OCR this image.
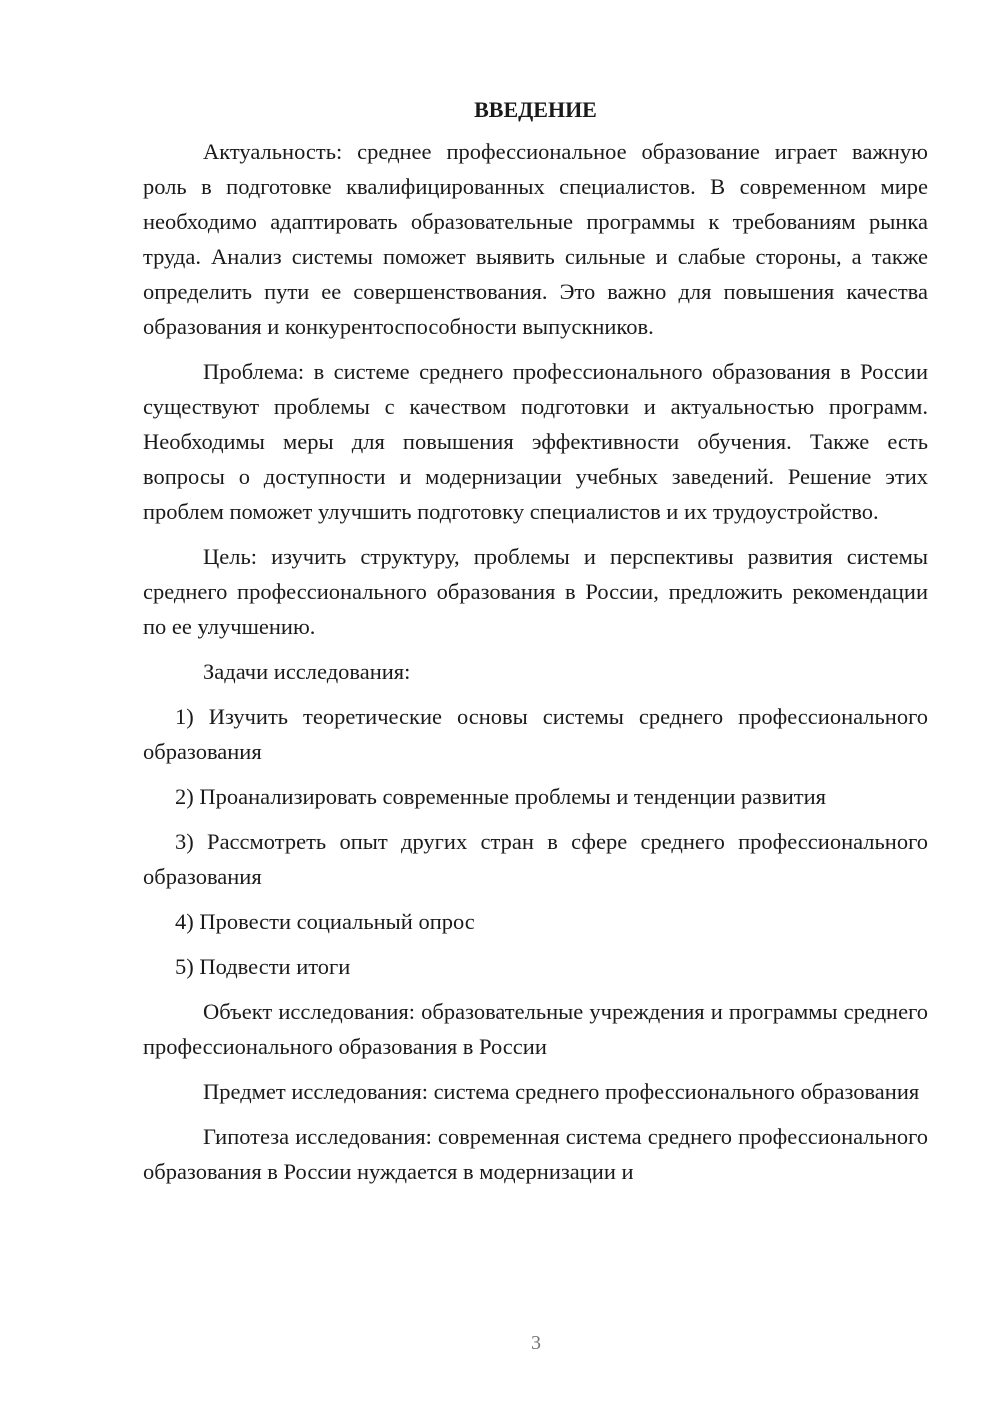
ВВЕДЕНИЕ

Актуальность: среднее профессиональное образование играет важную роль в подготовке квалифицированных специалистов. В современном мире необходимо адаптировать образовательные программы к требованиям рынка труда. Анализ системы поможет выявить сильные и слабые стороны, а также определить пути ее совершенствования. Это важно для повышения качества образования и конкурентоспособности выпускников.

Проблема: в системе среднего профессионального образования в России существуют проблемы с качеством подготовки и актуальностью программ. Необходимы меры для повышения эффективности обучения. Также есть вопросы о доступности и модернизации учебных заведений. Решение этих проблем поможет улучшить подготовку специалистов и их трудоустройство.

Цель: изучить структуру, проблемы и перспективы развития системы среднего профессионального образования в России, предложить рекомендации по ее улучшению.

Задачи исследования:

1) Изучить теоретические основы системы среднего профессионального образования

2) Проанализировать современные проблемы и тенденции развития

3) Рассмотреть опыт других стран в сфере среднего профессионального образования

4) Провести социальный опрос

5) Подвести итоги

Объект исследования: образовательные учреждения и программы среднего профессионального образования в России

Предмет исследования: система среднего профессионального образования

Гипотеза исследования: современная система среднего профессионального образования в России нуждается в модернизации и

3
